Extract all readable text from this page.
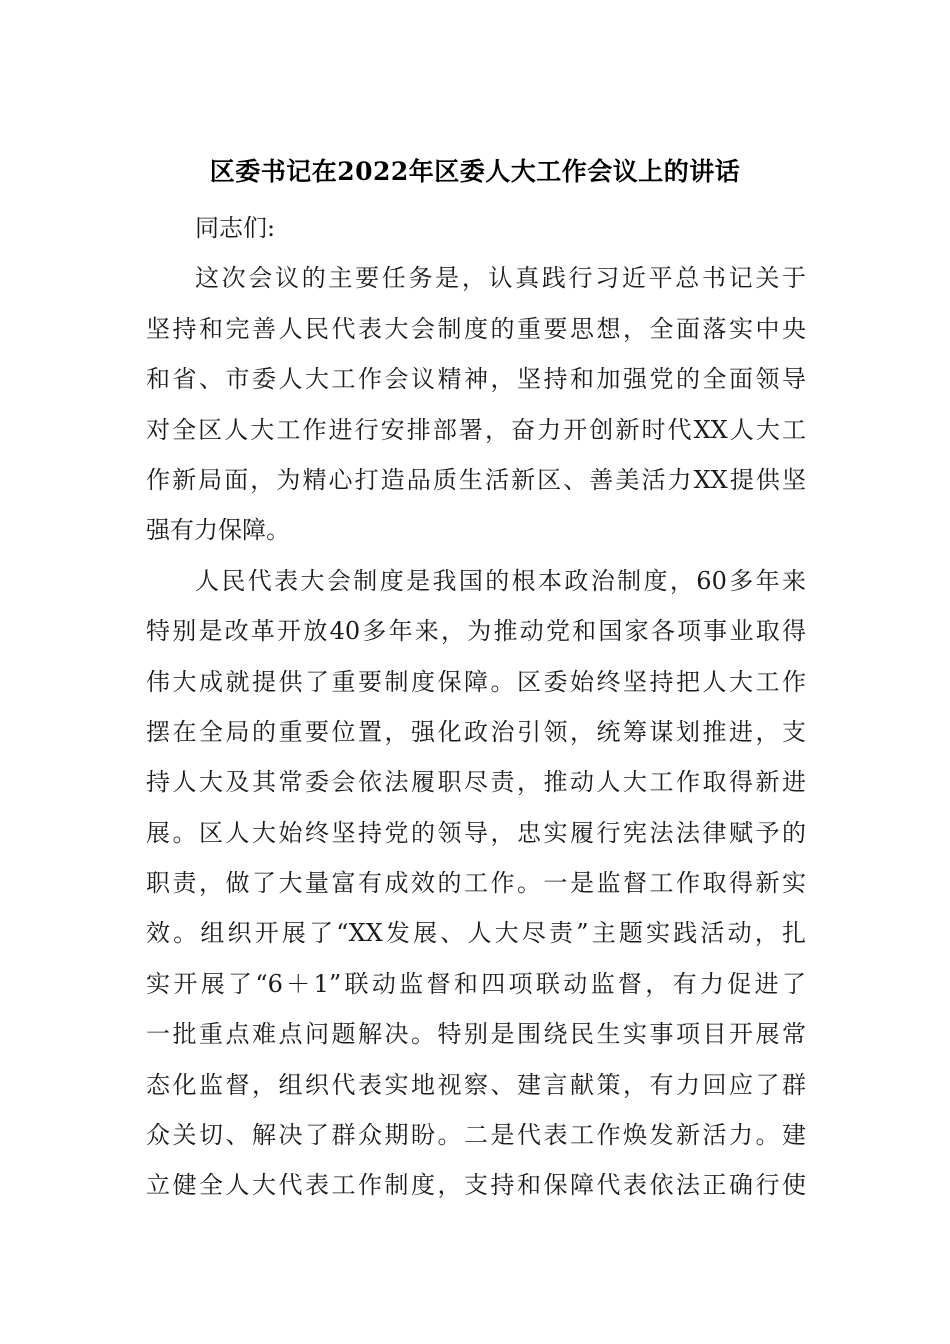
区委书记在2022年区委人大工作会议上的讲话

同志们:

这次会议的主要任务是，认真践行习近平总书记关于

坚持和完善人民代表大会制度的重要思想，全面落实中央

和省、市委人大工作会议精神，坚持和加强党的全面领导

对全区人大工作进行安排部署，奋力开创新时代XX人大工

作新局面，为精心打造品质生活新区、善美活力XX提供坚

强有力保障。

人民代表大会制度是我国的根本政治制度，60多年来

特别是改革开放40多年来，为推动党和国家各项事业取得

伟大成就提供了重要制度保障。区委始终坚持把人大工作

摆在全局的重要位置，强化政治引领，统筹谋划推进，支

持人大及其常委会依法履职尽责，推动人大工作取得新进

展。区人大始终坚持党的领导，忠实履行宪法法律赋予的

职责，做了大量富有成效的工作。一是监督工作取得新实

效。组织开展了“XX发展、人大尽责”主题实践活动，扎

实开展了“6＋1”联动监督和四项联动监督，有力促进了

一批重点难点问题解决。特别是围绕民生实事项目开展常

态化监督，组织代表实地视察、建言献策，有力回应了群

众关切、解决了群众期盼。二是代表工作焕发新活力。建

立健全人大代表工作制度，支持和保障代表依法正确行使
